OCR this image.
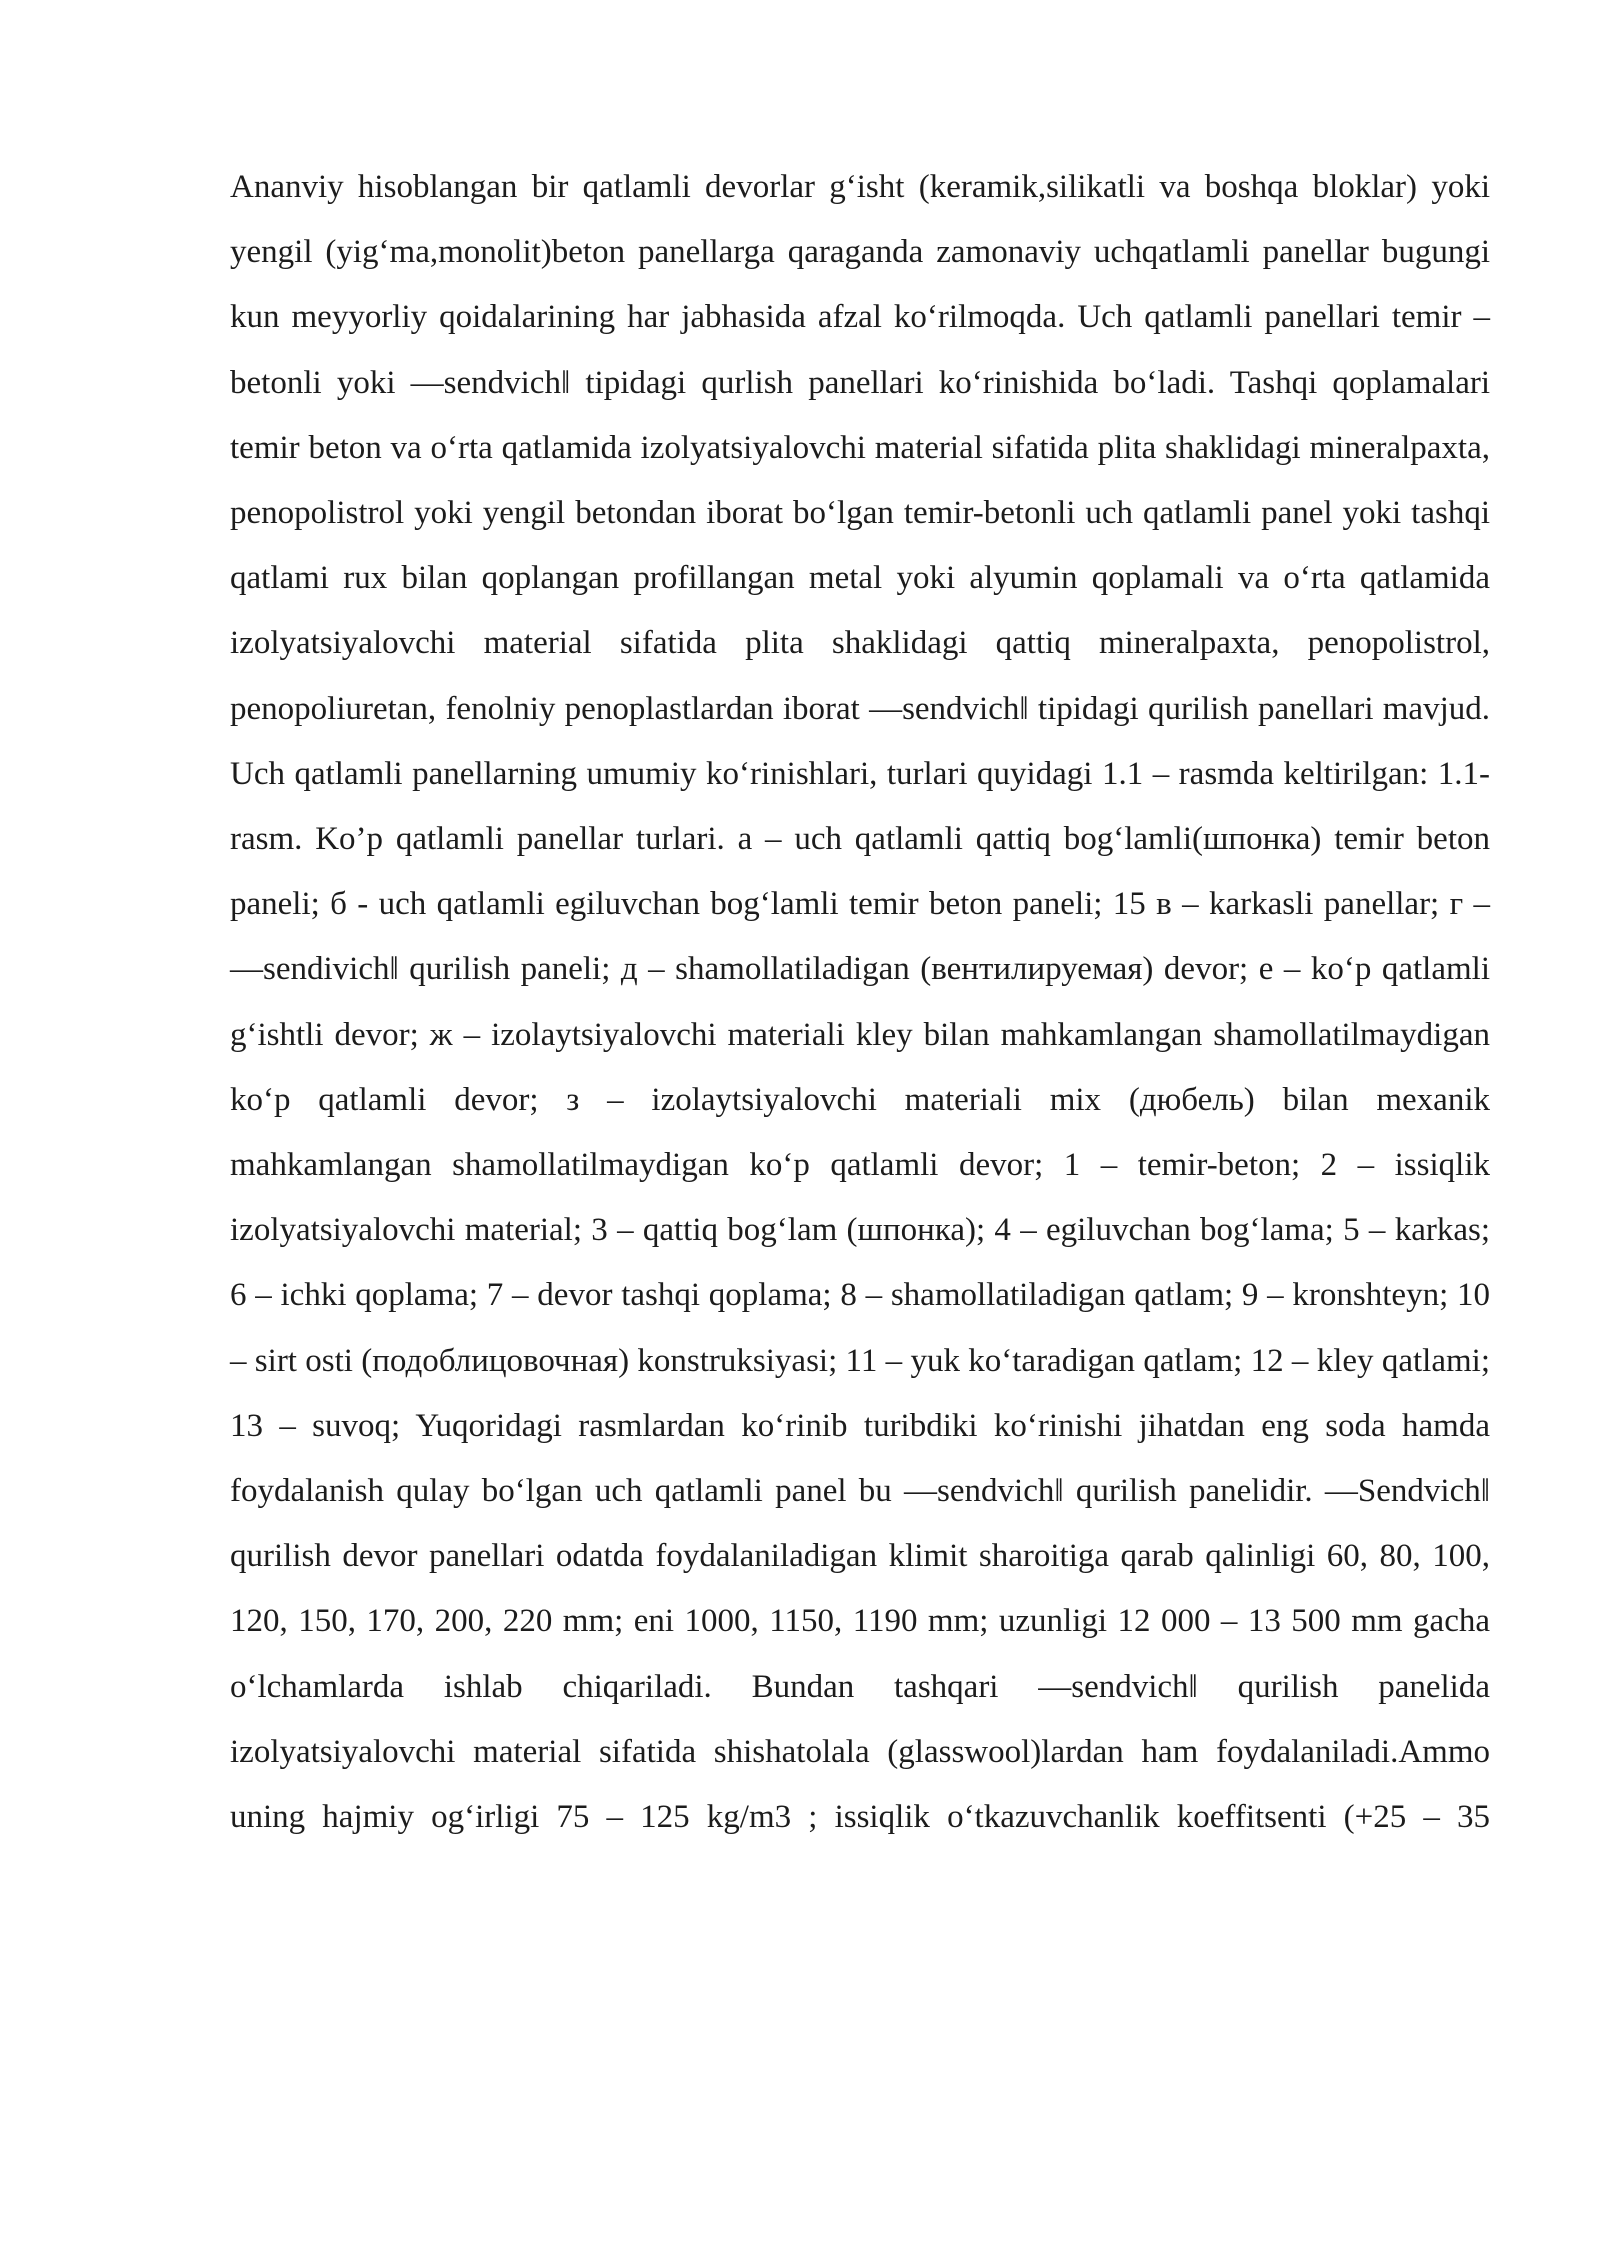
Ananviy hisoblangan bir qatlamli devorlar g‘isht (keramik,silikatli va boshqa bloklar) yoki yengil (yig‘ma,monolit)beton panellarga qaraganda zamonaviy uchqatlamli panellar bugungi kun meyyorliy qoidalarining har jabhasida afzal ko‘rilmoqda. Uch qatlamli panellari temir – betonli yoki ―sendvich‖ tipidagi qurlish panellari ko‘rinishida bo‘ladi. Tashqi qoplamalari temir beton va o‘rta qatlamida izolyatsiyalovchi material sifatida plita shaklidagi mineralpaxta, penopolistrol yoki yengil betondan iborat bo‘lgan temir-betonli uch qatlamli panel yoki tashqi qatlami rux bilan qoplangan profillangan metal yoki alyumin qoplamali va o‘rta qatlamida izolyatsiyalovchi material sifatida plita shaklidagi qattiq mineralpaxta, penopolistrol, penopoliuretan, fenolniy penoplastlardan iborat ―sendvich‖ tipidagi qurilish panellari mavjud. Uch qatlamli panellarning umumiy ko‘rinishlari, turlari quyidagi 1.1 – rasmda keltirilgan: 1.1-rasm. Ko’p qatlamli panellar turlari. а – uch qatlamli qattiq bog‘lamli(шпонка) temir beton paneli; б - uch qatlamli egiluvchan bog‘lamli temir beton paneli; 15 в – karkasli panellar; г – ―sendivich‖ qurilish paneli; д – shamollatiladigan (вентилируемая) devor; е – ko‘p qatlamli g‘ishtli devor; ж – izolaytsiyalovchi materiali kley bilan mahkamlangan shamollatilmaydigan ko‘p qatlamli devor; з – izolaytsiyalovchi materiali mix (дюбель) bilan mexanik mahkamlangan shamollatilmaydigan ko‘p qatlamli devor; 1 – temir-beton; 2 – issiqlik izolyatsiyalovchi material; 3 – qattiq bog‘lam (шпонка); 4 – egiluvchan bog‘lama; 5 – karkas; 6 – ichki qoplama; 7 – devor tashqi qoplama; 8 – shamollatiladigan qatlam; 9 – kronshteyn; 10 – sirt osti (подоблицовочная) konstruksiyasi; 11 – yuk ko‘taradigan qatlam; 12 – kley qatlami; 13 – suvoq; Yuqoridagi rasmlardan ko‘rinib turibdiki ko‘rinishi jihatdan eng soda hamda foydalanish qulay bo‘lgan uch qatlamli panel bu ―sendvich‖ qurilish panelidir. ―Sendvich‖ qurilish devor panellari odatda foydalaniladigan klimit sharoitiga qarab qalinligi 60, 80, 100, 120, 150, 170, 200, 220 mm; eni 1000, 1150, 1190 mm; uzunligi 12 000 – 13 500 mm gacha o‘lchamlarda ishlab chiqariladi. Bundan tashqari ―sendvich‖ qurilish panelida izolyatsiyalovchi material sifatida shishatolala (glasswool)lardan ham foydalaniladi.Ammo uning hajmiy og‘irligi 75 – 125 kg/m3 ; issiqlik o‘tkazuvchanlik koeffitsenti (+25 – 35
